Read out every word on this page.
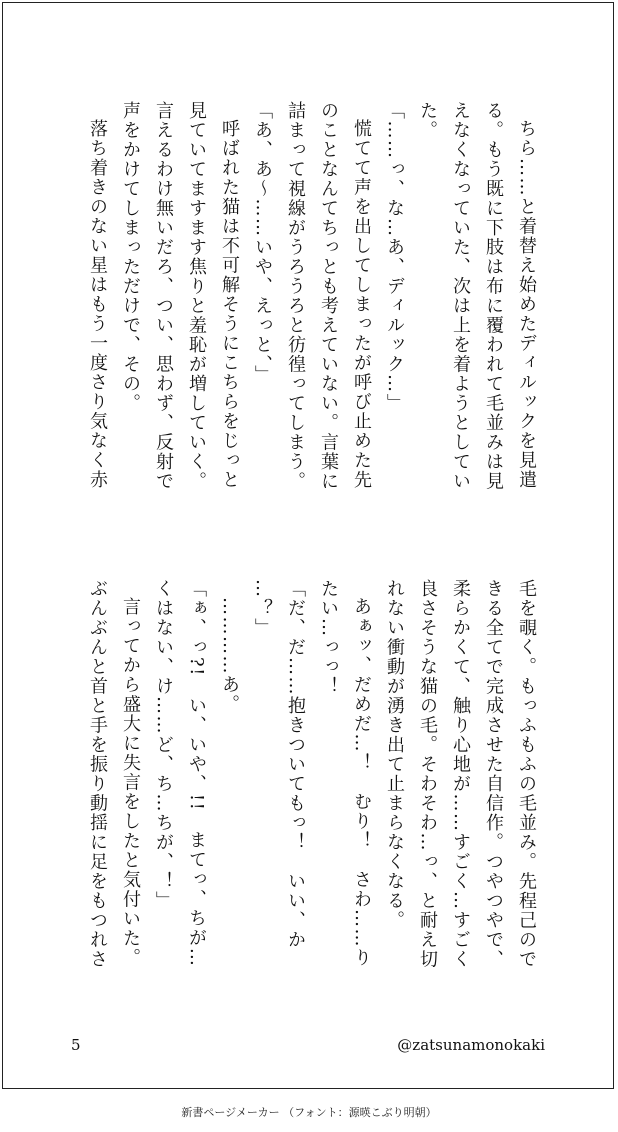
ちら……と着替え始めたディルックを見遣
る。もう既に下肢は布に覆われて毛並みは見
えなくなっていた、次は上を着ようとしてい
た。
「……っ、な…あ、ディルック…」
慌てて声を出してしまったが呼び止めた先
のことなんてちっとも考えていない。言葉に
詰まって視線がうろうろと彷徨ってしまう。
「あ、あ〜……いや、えっと、」
呼ばれた猫は不可解そうにこちらをじっと
見ていてますます焦りと羞恥が増していく。
言えるわけ無いだろ、つい、思わず、反射で
声をかけてしまっただけで、その。
落ち着きのない星はもう一度さり気なく赤
毛を覗く。もっふもふの毛並み。先程己ので
きる全てで完成させた自信作。つやつやで、
柔らかくて、触り心地が……すごく…すごく
良さそうな猫の毛。そわそわ…っ、と耐え切
れない衝動が湧き出て止まらなくなる。
あぁッ、だめだ…！　むり！　さわ……り
たい…っっ！
「だ、だ……抱きついてもっ！　いい、か
…？」
…………あ。
「ぁ、っ?!　い、いや、!!　まてっ、ちが…
くはない、け……ど、ち…ちが、！」
言ってから盛大に失言をしたと気付いた。
ぶんぶんと首と手を振り動揺に足をもつれさ
5	@zatsunamonokaki
新書ページメーカー （フォント：源暎こぶり明朝）
